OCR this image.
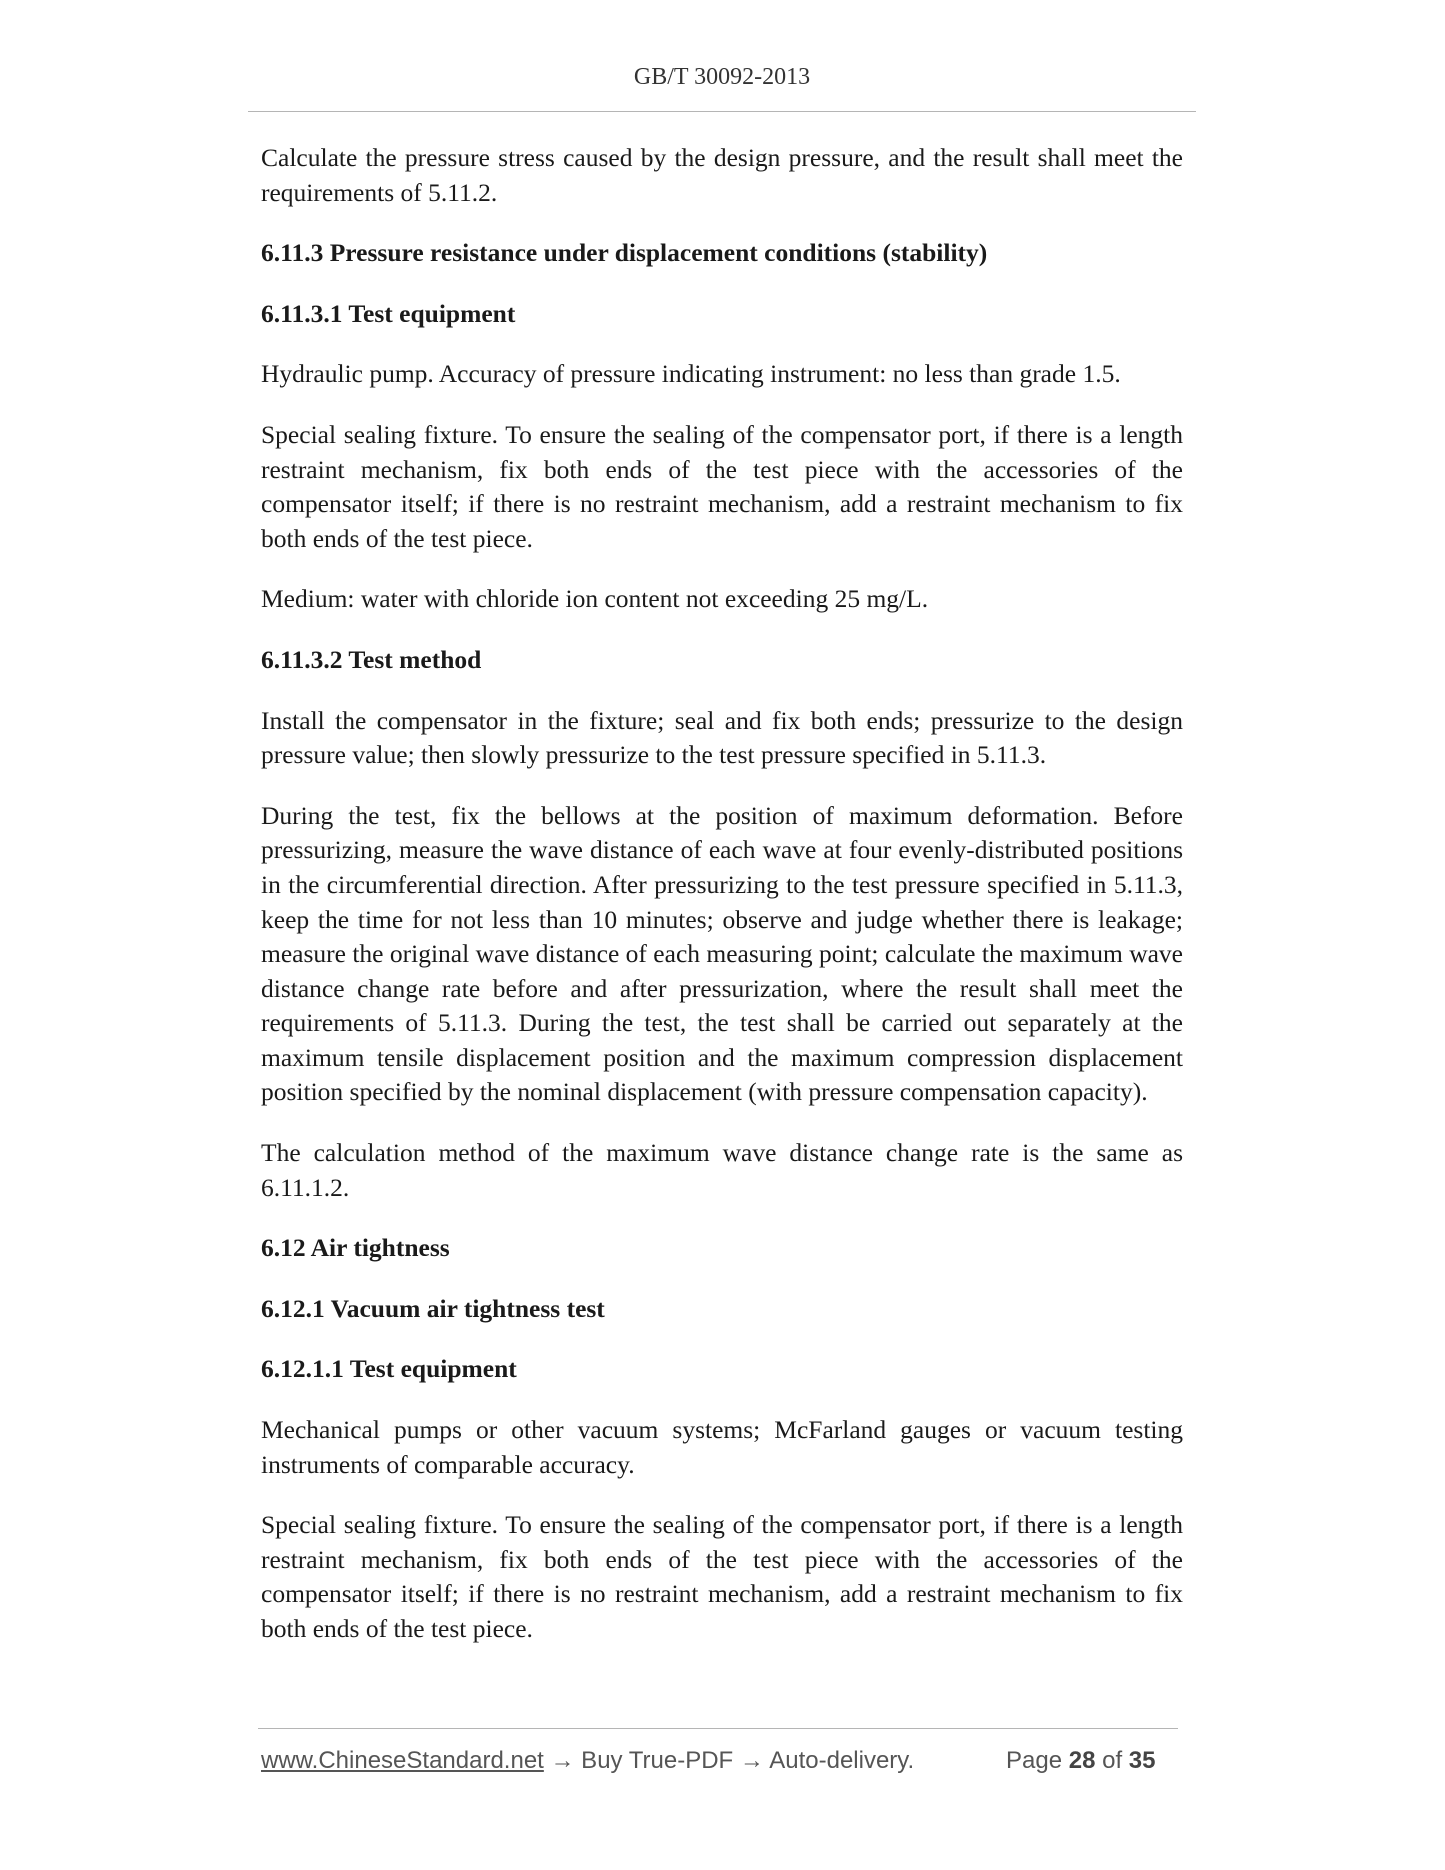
GB/T 30092-2013

Calculate the pressure stress caused by the design pressure, and the result shall meet the requirements of 5.11.2.

6.11.3 Pressure resistance under displacement conditions (stability)

6.11.3.1 Test equipment

Hydraulic pump. Accuracy of pressure indicating instrument: no less than grade 1.5.

Special sealing fixture. To ensure the sealing of the compensator port, if there is a length restraint mechanism, fix both ends of the test piece with the accessories of the compensator itself; if there is no restraint mechanism, add a restraint mechanism to fix both ends of the test piece.

Medium: water with chloride ion content not exceeding 25 mg/L.

6.11.3.2 Test method

Install the compensator in the fixture; seal and fix both ends; pressurize to the design pressure value; then slowly pressurize to the test pressure specified in 5.11.3.

During the test, fix the bellows at the position of maximum deformation. Before pressurizing, measure the wave distance of each wave at four evenly-distributed positions in the circumferential direction. After pressurizing to the test pressure specified in 5.11.3, keep the time for not less than 10 minutes; observe and judge whether there is leakage; measure the original wave distance of each measuring point; calculate the maximum wave distance change rate before and after pressurization, where the result shall meet the requirements of 5.11.3. During the test, the test shall be carried out separately at the maximum tensile displacement position and the maximum compression displacement position specified by the nominal displacement (with pressure compensation capacity).

The calculation method of the maximum wave distance change rate is the same as 6.11.1.2.

6.12 Air tightness

6.12.1 Vacuum air tightness test

6.12.1.1 Test equipment

Mechanical pumps or other vacuum systems; McFarland gauges or vacuum testing instruments of comparable accuracy.

Special sealing fixture. To ensure the sealing of the compensator port, if there is a length restraint mechanism, fix both ends of the test piece with the accessories of the compensator itself; if there is no restraint mechanism, add a restraint mechanism to fix both ends of the test piece.

www.ChineseStandard.net → Buy True-PDF → Auto-delivery.	Page 28 of 35
